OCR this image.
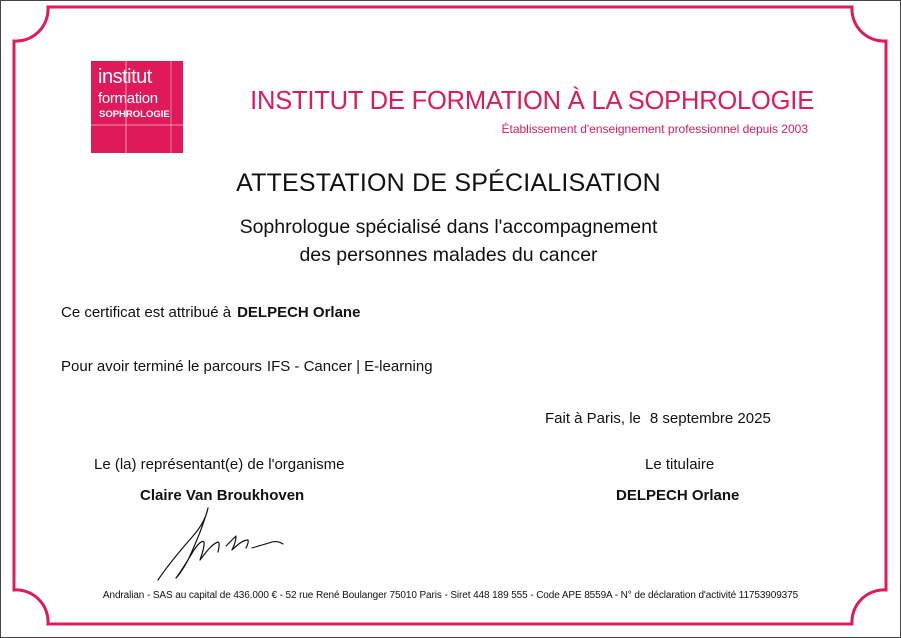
institut
formation
SOPHROLOGIE	INSTITUT DE FORMATION À LA SOPHROLOGIE
Établissement d'enseignement professionnel depuis 2003
ATTESTATION DE SPÉCIALISATION
Sophrologue spécialisé dans l'accompagnement
des personnes malades du cancer
Ce certificat est attribué à DELPECH Orlane
Pour avoir terminé le parcours IFS - Cancer | E-learning
Fait à Paris, le 8 septembre 2025
Le (la) représentant(e) de l'organisme
Claire Van Broukhoven
Le titulaire
DELPECH Orlane
Andralian - SAS au capital de 436.000 € - 52 rue René Boulanger 75010 Paris - Siret 448 189 555 - Code APE 8559A - N° de déclaration d'activité 11753909375
